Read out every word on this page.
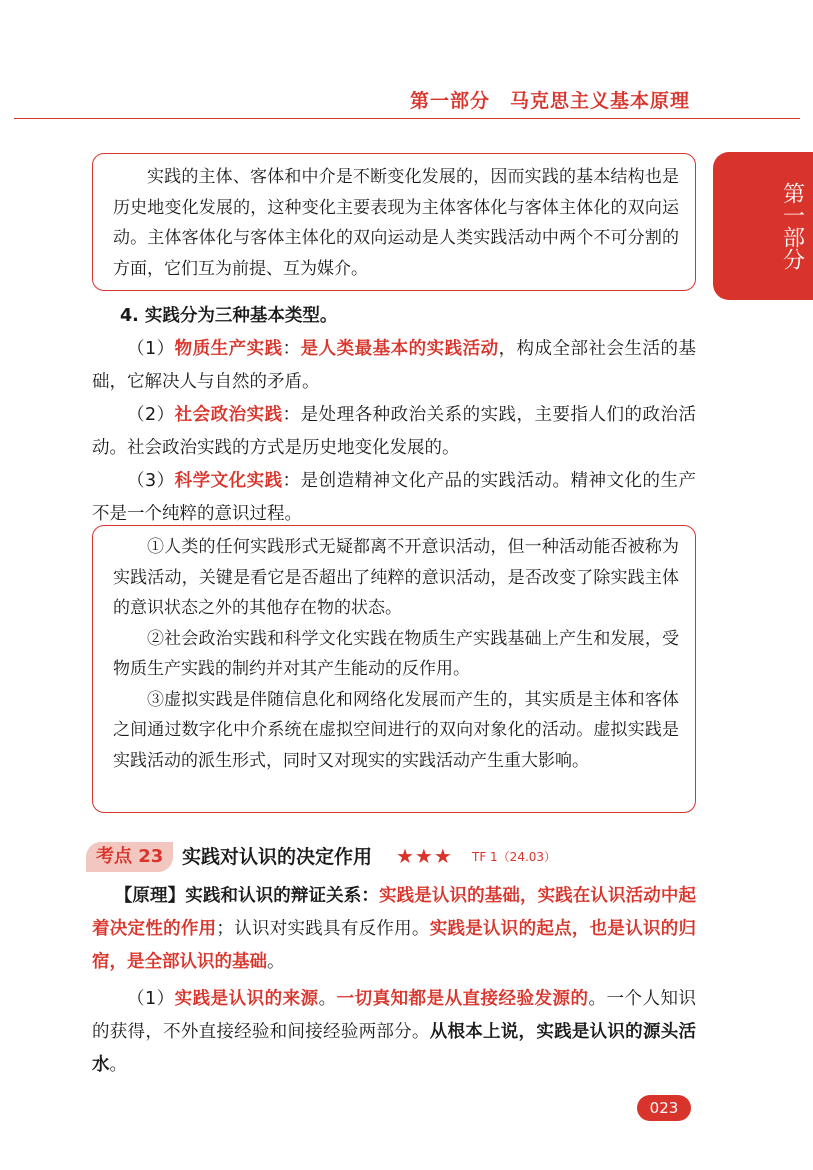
第一部分　马克思主义基本原理
第一部分

实践的主体、客体和中介是不断变化发展的，因而实践的基本结构也是历史地变化发展的，这种变化主要表现为主体客体化与客体主体化的双向运动。主体客体化与客体主体化的双向运动是人类实践活动中两个不可分割的方面，它们互为前提、互为媒介。

4. 实践分为三种基本类型。

（1）物质生产实践：是人类最基本的实践活动，构成全部社会生活的基础，它解决人与自然的矛盾。

（2）社会政治实践：是处理各种政治关系的实践，主要指人们的政治活动。社会政治实践的方式是历史地变化发展的。

（3）科学文化实践：是创造精神文化产品的实践活动。精神文化的生产不是一个纯粹的意识过程。

①人类的任何实践形式无疑都离不开意识活动，但一种活动能否被称为实践活动，关键是看它是否超出了纯粹的意识活动，是否改变了除实践主体的意识状态之外的其他存在物的状态。

②社会政治实践和科学文化实践在物质生产实践基础上产生和发展，受物质生产实践的制约并对其产生能动的反作用。

③虚拟实践是伴随信息化和网络化发展而产生的，其实质是主体和客体之间通过数字化中介系统在虚拟空间进行的双向对象化的活动。虚拟实践是实践活动的派生形式，同时又对现实的实践活动产生重大影响。

考点 23 实践对认识的决定作用 ★★★ TF 1（24.03）

【原理】实践和认识的辩证关系：实践是认识的基础，实践在认识活动中起着决定性的作用；认识对实践具有反作用。实践是认识的起点，也是认识的归宿，是全部认识的基础。

（1）实践是认识的来源。一切真知都是从直接经验发源的。一个人知识的获得，不外直接经验和间接经验两部分。从根本上说，实践是认识的源头活水。

023
